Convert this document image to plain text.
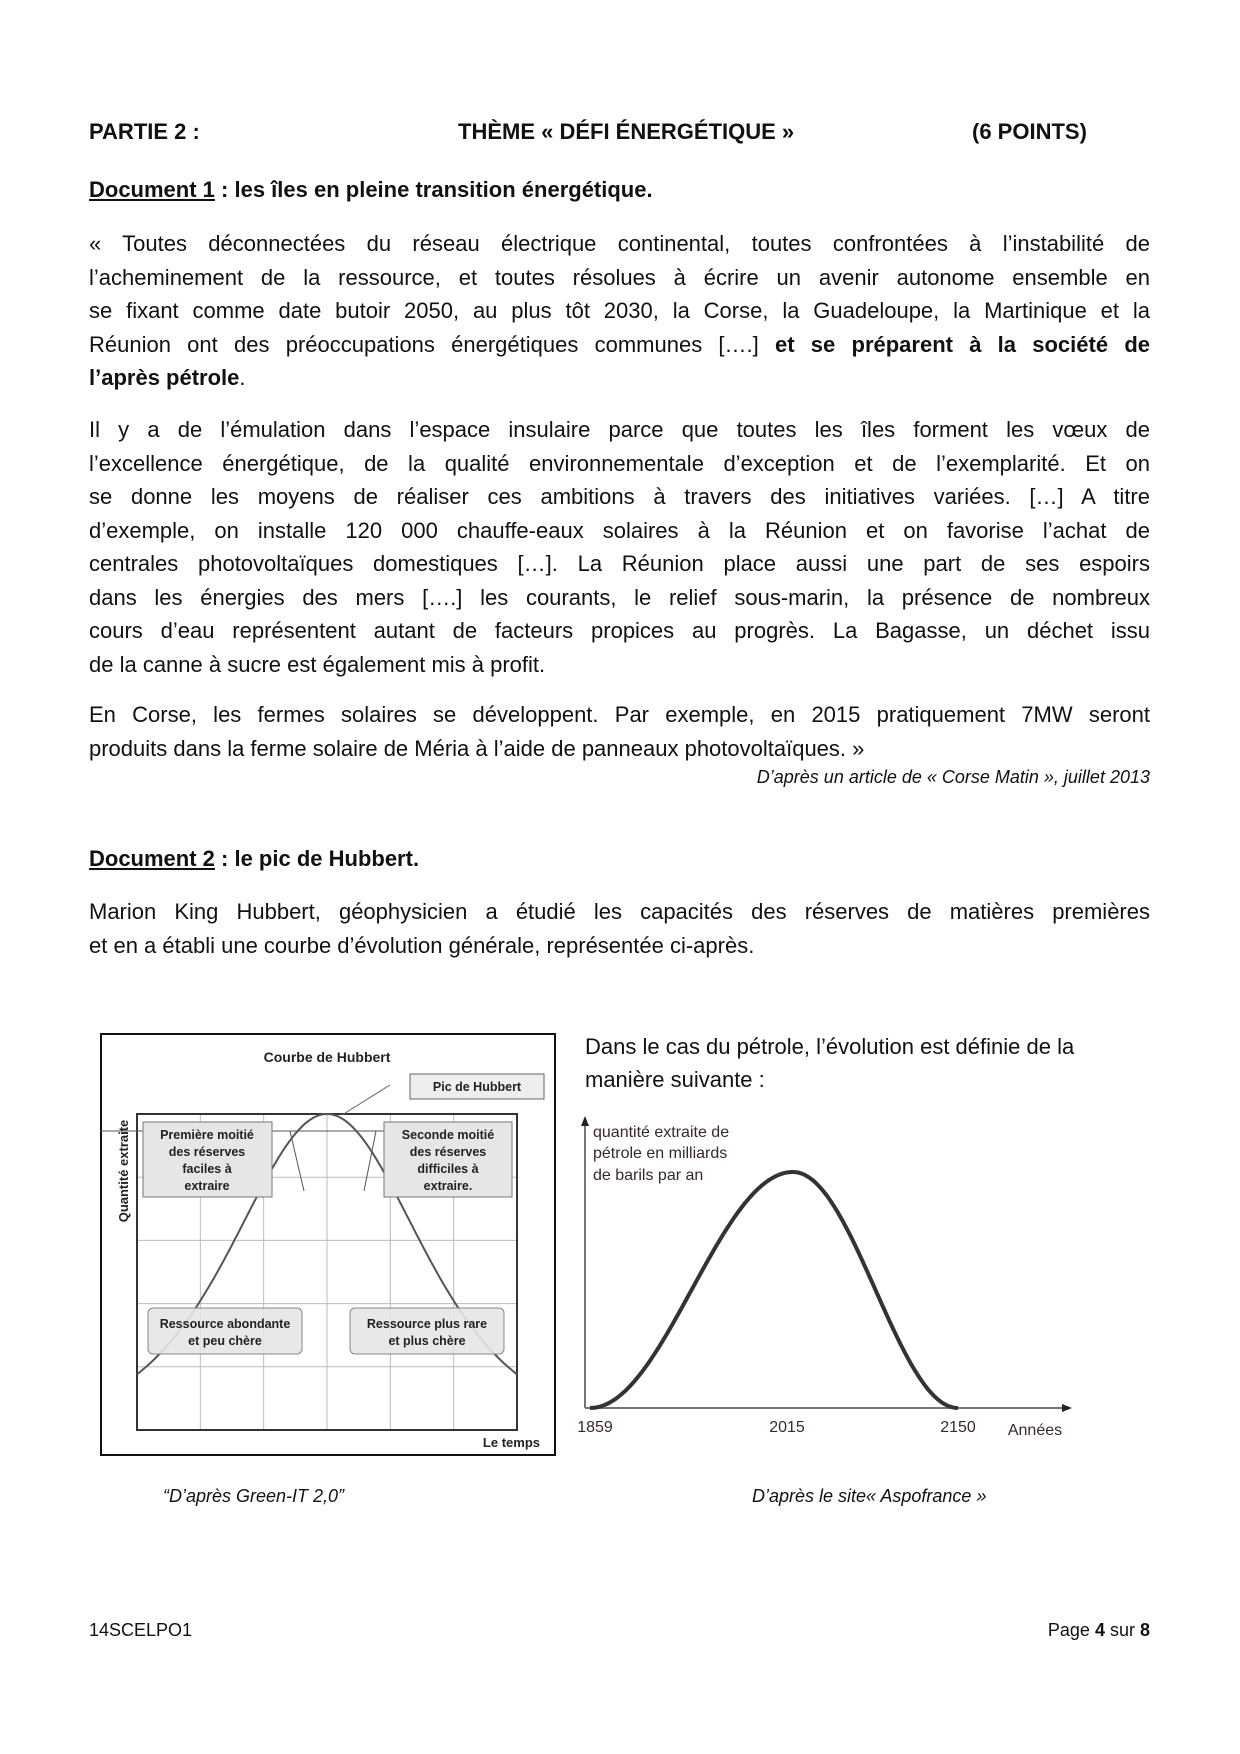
PARTIE 2 :	THÈME « DÉFI ÉNERGÉTIQUE »	(6 POINTS)
Document 1 : les îles en pleine transition énergétique.
« Toutes déconnectées du réseau électrique continental, toutes confrontées à l’instabilité de
l’acheminement de la ressource, et toutes résolues à écrire un avenir autonome ensemble en
se fixant comme date butoir 2050, au plus tôt 2030, la Corse, la Guadeloupe, la Martinique et la
Réunion ont des préoccupations énergétiques communes [….] et se préparent à la société de
l’après pétrole.
Il y a de l’émulation dans l’espace insulaire parce que toutes les îles forment les vœux de
l’excellence énergétique, de la qualité environnementale d’exception et de l’exemplarité. Et on
se donne les moyens de réaliser ces ambitions à travers des initiatives variées. […] A titre
d’exemple, on installe 120 000 chauffe-eaux solaires à la Réunion et on favorise l’achat de
centrales photovoltaïques domestiques […]. La Réunion place aussi une part de ses espoirs
dans les énergies des mers [….] les courants, le relief sous-marin, la présence de nombreux
cours d’eau représentent autant de facteurs propices au progrès. La Bagasse, un déchet issu
de la canne à sucre est également mis à profit.
En Corse, les fermes solaires se développent. Par exemple, en 2015 pratiquement 7MW seront
produits dans la ferme solaire de Méria à l’aide de panneaux photovoltaïques. »
D’après un article de « Corse Matin », juillet 2013
Document 2 : le pic de Hubbert.
Marion King Hubbert, géophysicien a étudié les capacités des réserves de matières premières
et en a établi une courbe d’évolution générale, représentée ci-après.
Courbe de Hubbert
Pic de Hubbert
Première moitié
des réserves
faciles à
extraire
Seconde moitié
des réserves
difficiles à
extraire.
Ressource abondante
et peu chère
Ressource plus rare
et plus chère
Quantité extraite
Le temps
“D’après Green-IT 2,0”
Dans le cas du pétrole, l’évolution est définie de la
manière suivante :
quantité extraite de
pétrole en milliards
de barils par an
1859	2015	2150 Années
D’après le site« Aspofrance »
14SCELPO1	Page 4 sur 8
